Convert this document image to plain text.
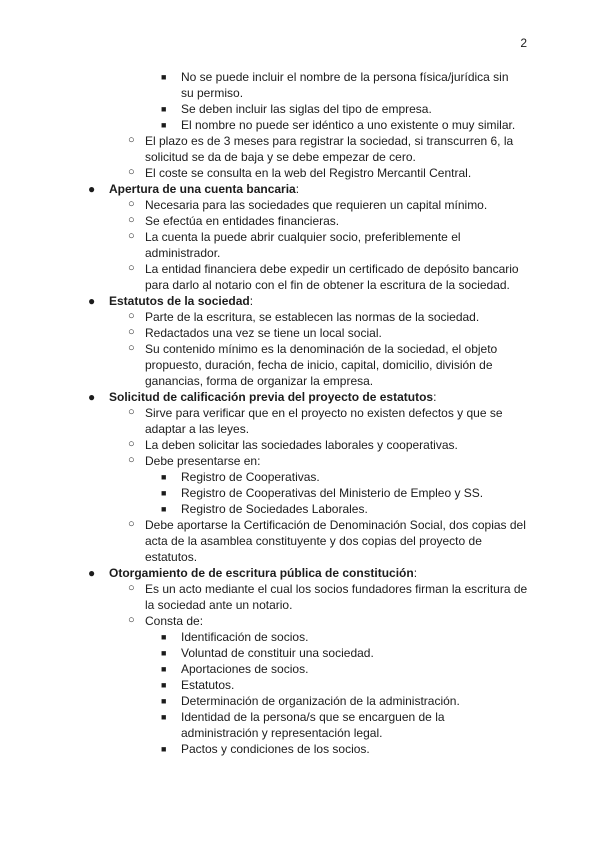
2
■ No se puede incluir el nombre de la persona física/jurídica sin su permiso.
■ Se deben incluir las siglas del tipo de empresa.
■ El nombre no puede ser idéntico a uno existente o muy similar.
○ El plazo es de 3 meses para registrar la sociedad, si transcurren 6, la solicitud se da de baja y se debe empezar de cero.
○ El coste se consulta en la web del Registro Mercantil Central.
● Apertura de una cuenta bancaria:
○ Necesaria para las sociedades que requieren un capital mínimo.
○ Se efectúa en entidades financieras.
○ La cuenta la puede abrir cualquier socio, preferiblemente el administrador.
○ La entidad financiera debe expedir un certificado de depósito bancario para darlo al notario con el fin de obtener la escritura de la sociedad.
● Estatutos de la sociedad:
○ Parte de la escritura, se establecen las normas de la sociedad.
○ Redactados una vez se tiene un local social.
○ Su contenido mínimo es la denominación de la sociedad, el objeto propuesto, duración, fecha de inicio, capital, domicilio, división de ganancias, forma de organizar la empresa.
● Solicitud de calificación previa del proyecto de estatutos:
○ Sirve para verificar que en el proyecto no existen defectos y que se adaptar a las leyes.
○ La deben solicitar las sociedades laborales y cooperativas.
○ Debe presentarse en:
■ Registro de Cooperativas.
■ Registro de Cooperativas del Ministerio de Empleo y SS.
■ Registro de Sociedades Laborales.
○ Debe aportarse la Certificación de Denominación Social, dos copias del acta de la asamblea constituyente y dos copias del proyecto de estatutos.
● Otorgamiento de de escritura pública de constitución:
○ Es un acto mediante el cual los socios fundadores firman la escritura de la sociedad ante un notario.
○ Consta de:
■ Identificación de socios.
■ Voluntad de constituir una sociedad.
■ Aportaciones de socios.
■ Estatutos.
■ Determinación de organización de la administración.
■ Identidad de la persona/s que se encarguen de la administración y representación legal.
■ Pactos y condiciones de los socios.
